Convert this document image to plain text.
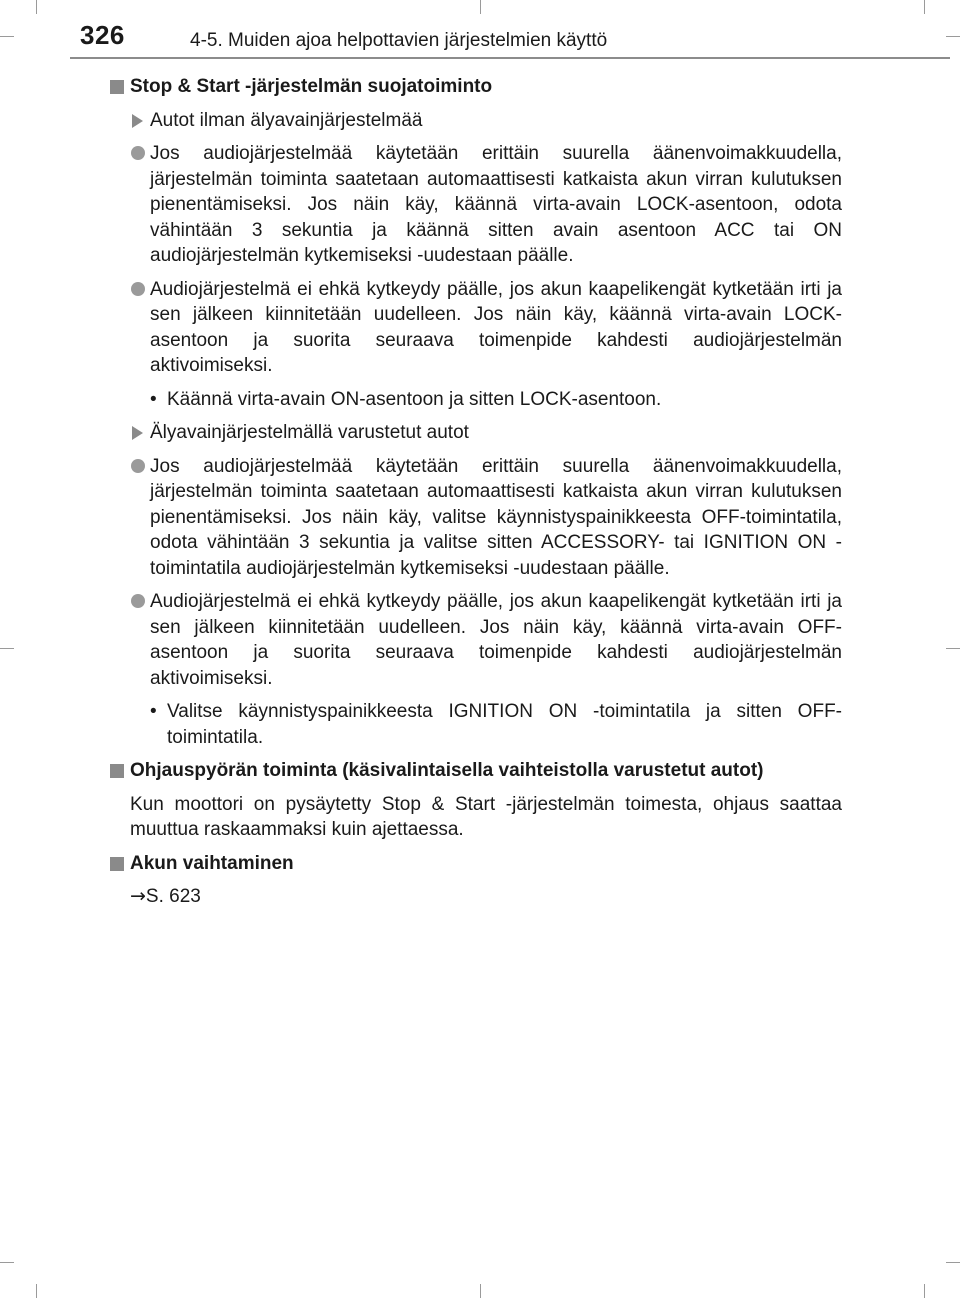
326	4-5. Muiden ajoa helpottavien järjestelmien käyttö
Stop & Start -järjestelmän suojatoiminto
Autot ilman älyavainjärjestelmää
Jos audiojärjestelmää käytetään erittäin suurella äänenvoimakkuudella, järjestelmän toiminta saatetaan automaattisesti katkaista akun virran kulutuksen pienentämiseksi. Jos näin käy, käännä virta-avain LOCK-asentoon, odota vähintään 3 sekuntia ja käännä sitten avain asentoon ACC tai ON audiojärjestelmän kytkemiseksi -uudestaan päälle.
Audiojärjestelmä ei ehkä kytkeydy päälle, jos akun kaapelikengät kytketään irti ja sen jälkeen kiinnitetään uudelleen. Jos näin käy, käännä virta-avain LOCK-asentoon ja suorita seuraava toimenpide kahdesti audiojärjestelmän aktivoimiseksi.
• Käännä virta-avain ON-asentoon ja sitten LOCK-asentoon.
Älyavainjärjestelmällä varustetut autot
Jos audiojärjestelmää käytetään erittäin suurella äänenvoimakkuudella, järjestelmän toiminta saatetaan automaattisesti katkaista akun virran kulutuksen pienentämiseksi. Jos näin käy, valitse käynnistyspainikkeesta OFF-toimintatila, odota vähintään 3 sekuntia ja valitse sitten ACCESSORY- tai IGNITION ON -toimintatila audiojärjestelmän kytkemiseksi -uudestaan päälle.
Audiojärjestelmä ei ehkä kytkeydy päälle, jos akun kaapelikengät kytketään irti ja sen jälkeen kiinnitetään uudelleen. Jos näin käy, käännä virta-avain OFF-asentoon ja suorita seuraava toimenpide kahdesti audiojärjestelmän aktivoimiseksi.
• Valitse käynnistyspainikkeesta IGNITION ON -toimintatila ja sitten OFF-toimintatila.
Ohjauspyörän toiminta (käsivalintaisella vaihteistolla varustetut autot)
Kun moottori on pysäytetty Stop & Start -järjestelmän toimesta, ohjaus saattaa muuttua raskaammaksi kuin ajettaessa.
Akun vaihtaminen
→S. 623
